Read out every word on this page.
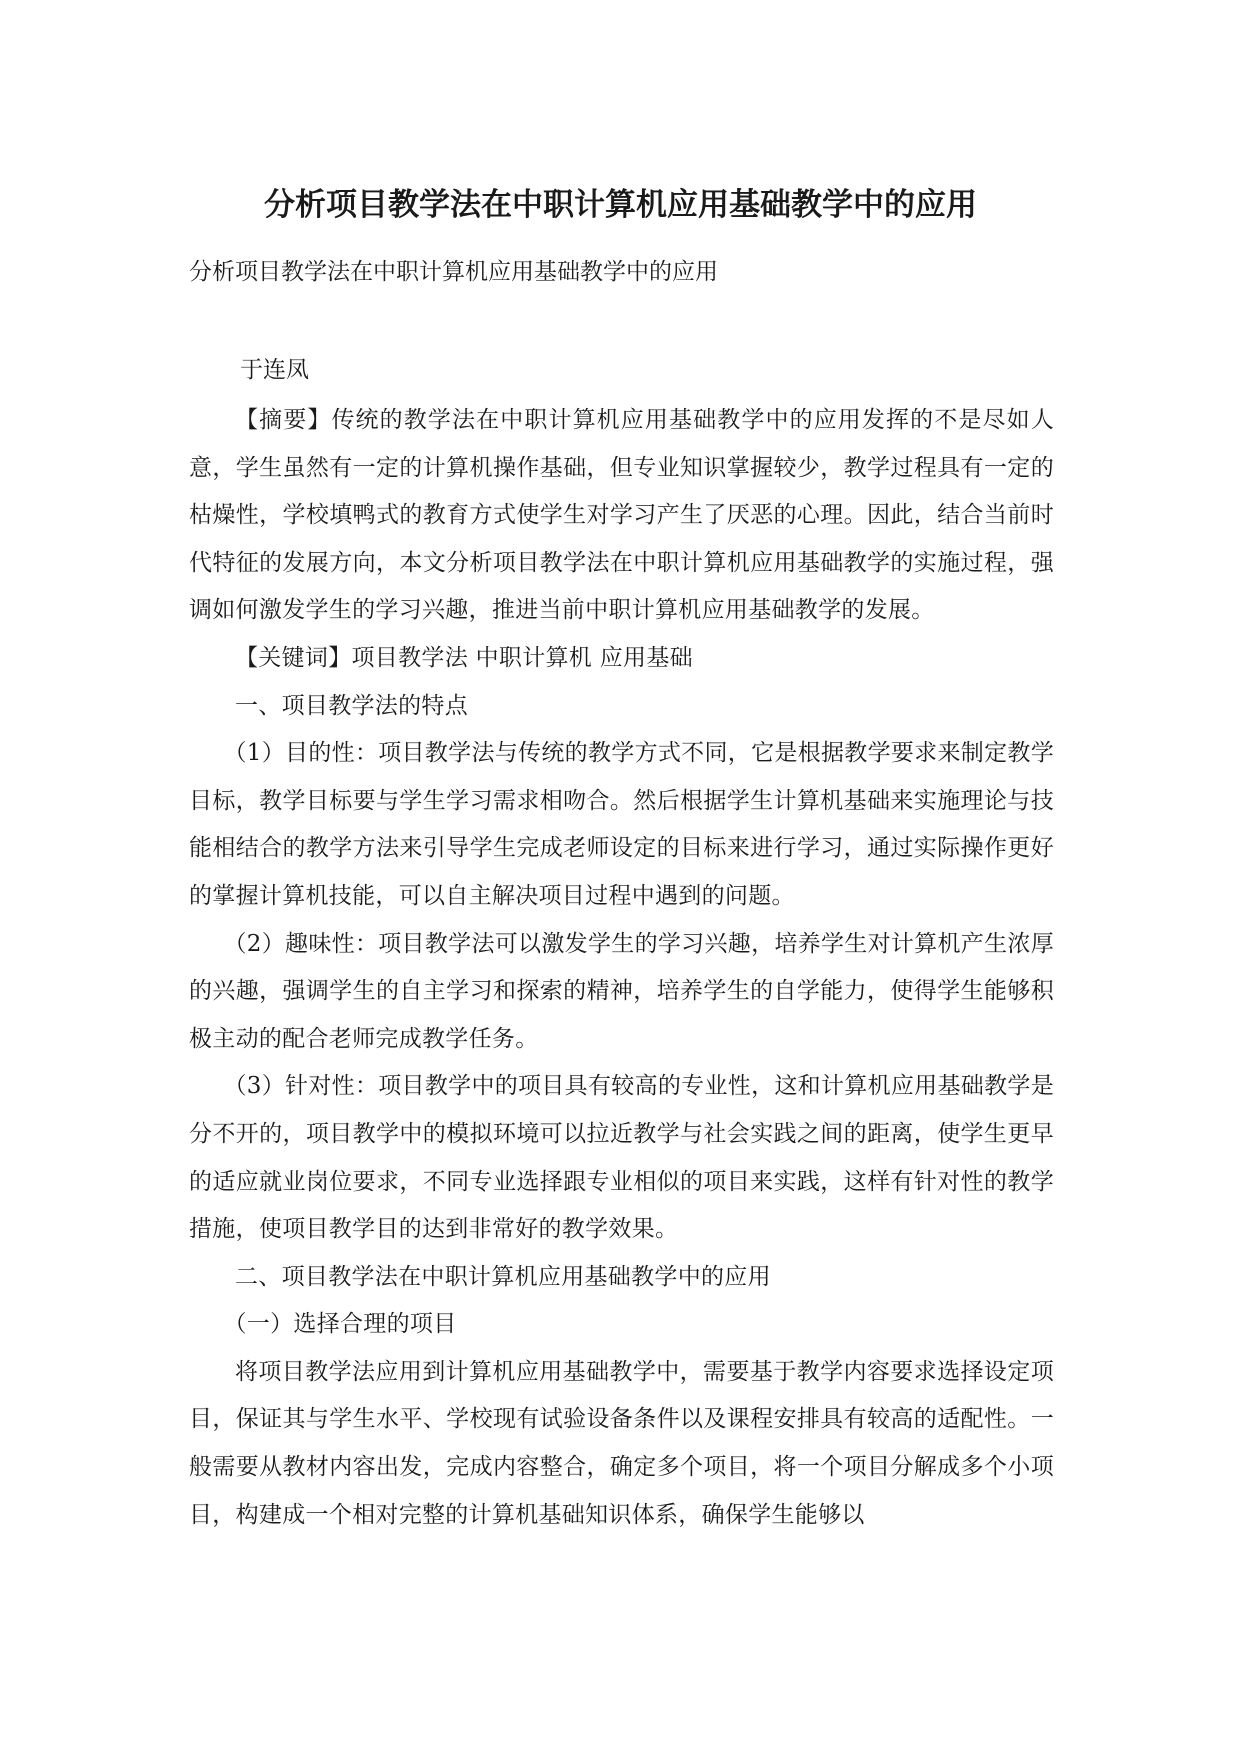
分析项目教学法在中职计算机应用基础教学中的应用

分析项目教学法在中职计算机应用基础教学中的应用

于连凤

【摘要】传统的教学法在中职计算机应用基础教学中的应用发挥的不是尽如人意，学生虽然有一定的计算机操作基础，但专业知识掌握较少，教学过程具有一定的枯燥性，学校填鸭式的教育方式使学生对学习产生了厌恶的心理。因此，结合当前时代特征的发展方向，本文分析项目教学法在中职计算机应用基础教学的实施过程，强调如何激发学生的学习兴趣，推进当前中职计算机应用基础教学的发展。

【关键词】项目教学法 中职计算机 应用基础

一、项目教学法的特点

（1）目的性：项目教学法与传统的教学方式不同，它是根据教学要求来制定教学目标，教学目标要与学生学习需求相吻合。然后根据学生计算机基础来实施理论与技能相结合的教学方法来引导学生完成老师设定的目标来进行学习，通过实际操作更好的掌握计算机技能，可以自主解决项目过程中遇到的问题。

（2）趣味性：项目教学法可以激发学生的学习兴趣，培养学生对计算机产生浓厚的兴趣，强调学生的自主学习和探索的精神，培养学生的自学能力，使得学生能够积极主动的配合老师完成教学任务。

（3）针对性：项目教学中的项目具有较高的专业性，这和计算机应用基础教学是分不开的，项目教学中的模拟环境可以拉近教学与社会实践之间的距离，使学生更早的适应就业岗位要求，不同专业选择跟专业相似的项目来实践，这样有针对性的教学措施，使项目教学目的达到非常好的教学效果。

二、项目教学法在中职计算机应用基础教学中的应用

（一）选择合理的项目

将项目教学法应用到计算机应用基础教学中，需要基于教学内容要求选择设定项目，保证其与学生水平、学校现有试验设备条件以及课程安排具有较高的适配性。一般需要从教材内容出发，完成内容整合，确定多个项目，将一个项目分解成多个小项目，构建成一个相对完整的计算机基础知识体系，确保学生能够以
